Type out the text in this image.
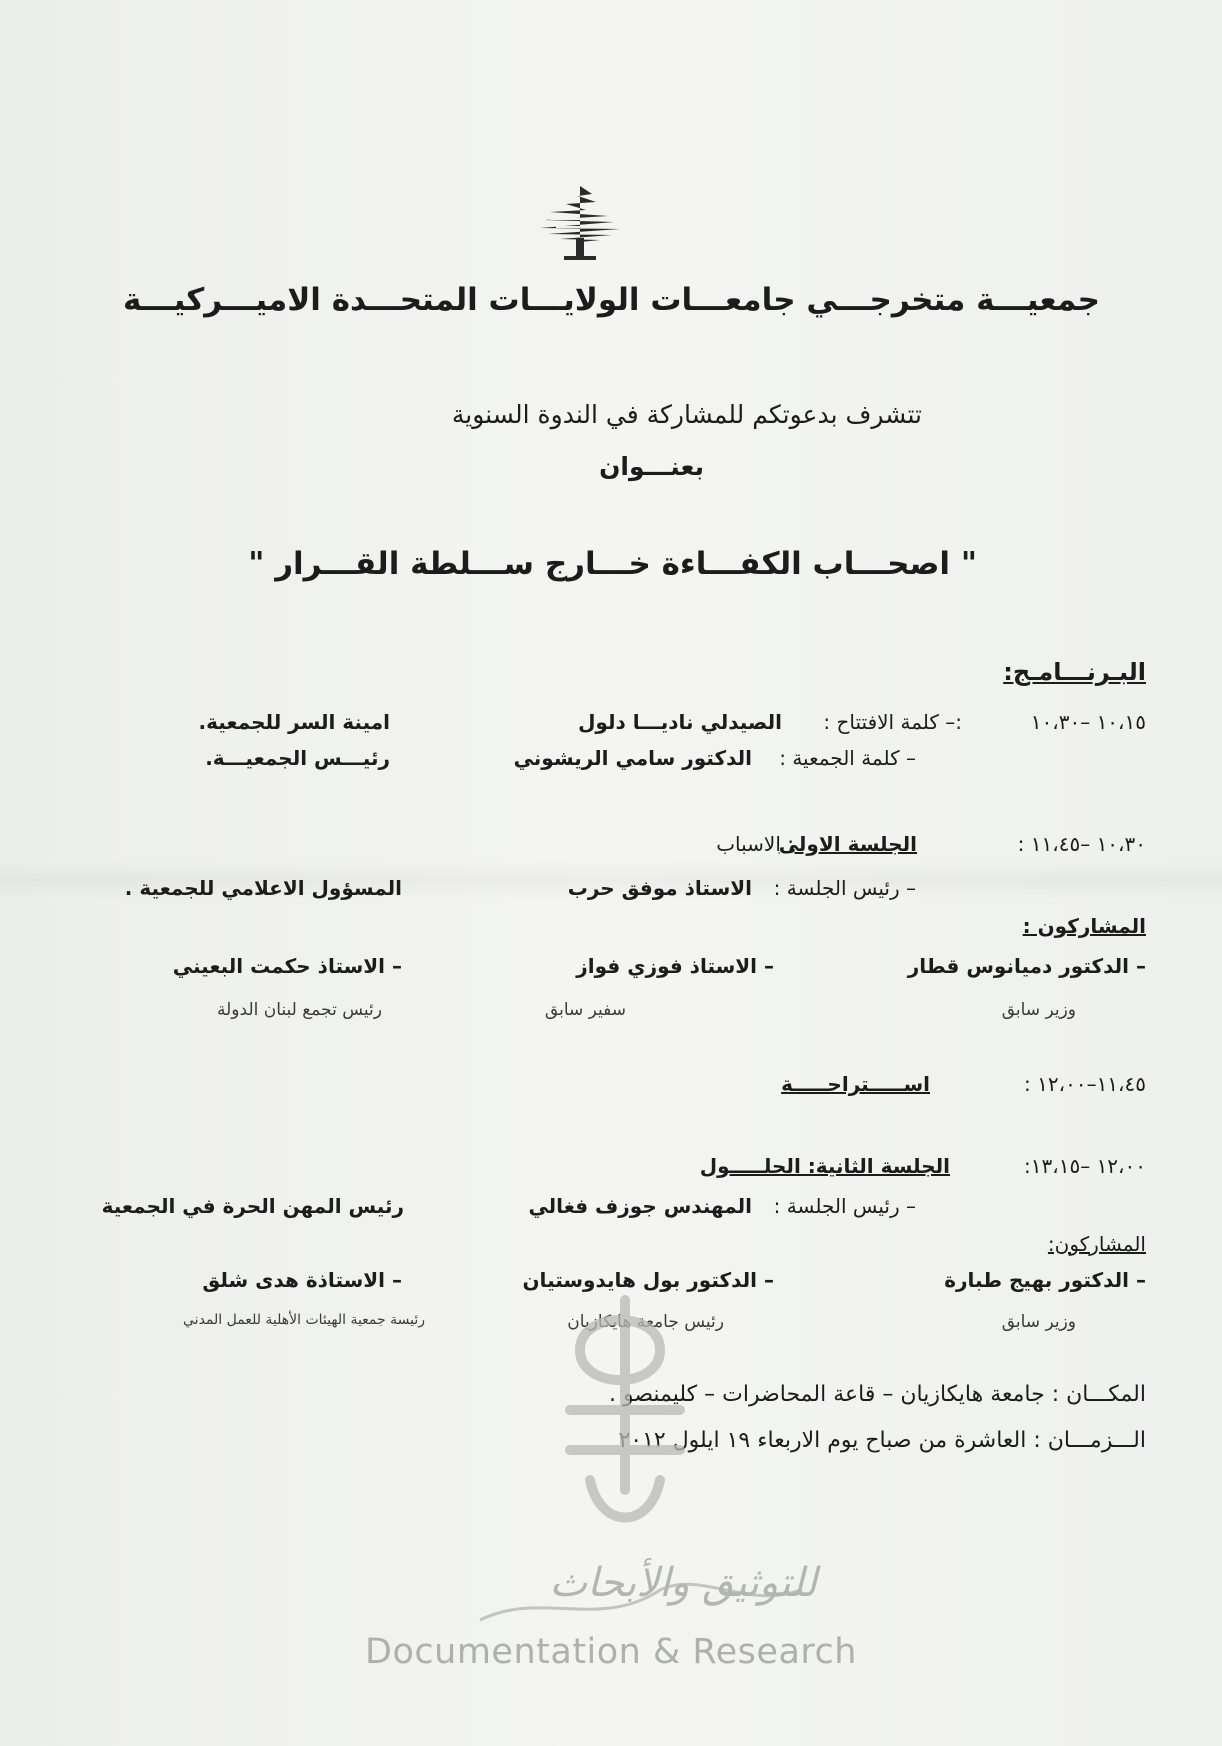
جمعيـــة متخرجـــي جامعـــات الولايـــات المتحـــدة الاميـــركيـــة
تتشرف بدعوتكم للمشاركة في الندوة السنوية
بعنـــوان
" اصحـــاب الكفـــاءة خـــارج ســـلطة القـــرار "
البـرنـــامـج:
١٠،١٥ –١٠،٣٠
:– كلمة الافتتاح :
الصيدلي ناديـــا دلول
امينة السر للجمعية.
– كلمة الجمعية :
الدكتور سامي الريشوني
رئيـــس الجمعيـــة.
١٠،٣٠ –١١،٤٥ :
الجلسة الاولى
: الاسباب
– رئيس الجلسة :
الاستاذ موفق حرب
المسؤول الاعلامي للجمعية .
المشاركون :
– الدكتور دميانوس قطار
وزير سابق
– الاستاذ فوزي فواز
سفير سابق
– الاستاذ حكمت البعيني
رئيس تجمع لبنان الدولة
١١،٤٥–١٢،٠٠ :
اســـــتراحـــــة
١٢،٠٠ –١٣،١٥:
الجلسة الثانية: الحلـــــول
– رئيس الجلسة :
المهندس جوزف فغالي
رئيس المهن الحرة في الجمعية
المشاركون:
– الدكتور بهيج طبارة
وزير سابق
– الدكتور بول هايدوستيان
رئيس جامعة هايكازيان
– الاستاذة هدى شلق
رئيسة جمعية الهيئات الأهلية للعمل المدني
المكـــان : جامعة هايكازيان – قاعة المحاضرات – كليمنصو .
الـــزمـــان : العاشرة من صباح يوم الاربعاء ١٩ ايلول ٢٠١٢
للتوثيق والأبحاث
Documentation & Research
